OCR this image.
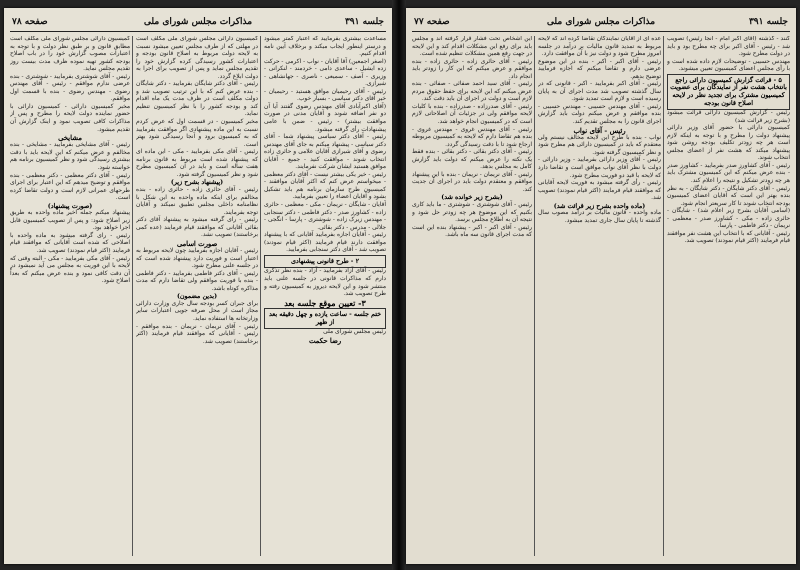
صفحه ۷۸	مذاکرات مجلس شورای ملی	جلسه ۳۹۱

مساعدت بیشتری بفرمایید که اعتبار کمتر میشود و درستر اینطور ایجاب میکند و برخلاف آیین نامه اقدام کنیم.

(اصغر اجمعین) آقا آقایان - نواب - اکرمی - حرکت زده ایشیل - ساعدی دامی - خردمند - لنکرانی - وزیری - آصف - سمیعی - ناصری - جهانشاهی - شیرازی.

رئیس - آقای رحیمیان موافق هستید - رحیمیان - خیر آقای دکتر سیاسی - بسیار خوب.

(آقای اکبرآبادی آقای مهندس رضوی گفتند آیا آن دو نفر اضافه شوند و آقایان مدنی در صورت موافقت بیشتر) - رئیس - ضمن با عامی پیشنهادات رأی گرفته میشود.

رئیس - آقای دکتر سیاسی پیشنهاد شما - آقای دکتر سیاسی - پیشنهاد میکنم به جای آقای مهندس رضوی و آقای شیرازی آقایان علامی و حائری زاده انتخاب شوند - موافقت کنید - جمیع - آقایان موافق هستید ایشان شرکت نفرمایند.

رئیس - خیر یکی بیشتر نیست - آقای دکتر معظمی - میخواستم عرض کنم که اکثر آقایان موافقند - کمیسیون طرح سازمان برنامه هم باید تشکیل بشود و آقایان اعضاء را تعیین بفرمایید.

آقایان - شایگان - نریمان - مکی - معظمی - حائری زاده - کشاورز صدر - دکتر فاطمی - دکتر سنجابی - مهندس زیرک زاده - شوشتری - پارسا - انگجی - جلالی - مدرس - دکتر بقائی.

رئیس - آقایان اجازه بفرمایید آقایانی که با پیشنهاد موافقت دارند قیام فرمایند (اکثر قیام نمودند) تصویب شد - آقای دکتر سنجابی بفرمایید.

۲ - طرح قانونی پیشنهادی

رئیس - آقای آزاد بفرمایید - آزاد - بنده نظر تذکری دارم که مذاکرات قانونی در جلسه علنی باید منتشر شود و این لایحه دیروز به کمیسیون رفته و طرح تصویب شد.

۳- تعیین موقع جلسه بعد

ختم جلسه - ساعت یازده و چهل دقیقه بعد از ظهر

رئیس مجلس شورای ملی

رضا حکمت

کمیسیون دارائی مجلس شورای ملی مکلف است در مهلتی که از طرف مجلس تعیین میشود نسبت به لایحه دولت مربوط به اصلاح قانون بودجه و اعتبارات کشور رسیدگی کرده گزارش خود را تقدیم مجلس نماید و پس از تصویب برای اجرا به دولت ابلاغ گردد.

رئیس - آقای دکتر شایگان بفرمایید - دکتر شایگان - بنده عرض کنم که با این ترتیب تصویب شد و دولت مکلف است در ظرف مدت یک ماه اقدام کند و بودجه کشور را با نظر کمیسیون تنظیم نماید.

مخبر کمیسیون - در قسمت اول که عرض کردم نسبت به این ماده پیشنهادی اگر موافقت بفرمایید که به کمیسیون برود و آنجا رسیدگی شود بهتر است.

رئیس - آقای مکی بفرمایید - مکی - این ماده ای که پیشنهاد شده است مربوط به قانون برنامه هفت ساله است و باید در آن کمیسیون مطرح شود و نظر کمیسیون گرفته شود.

(پیشنهاد بشرح زیر)

رئیس - آقای حائری زاده - حائری زاده - بنده مخالفم برای اینکه ماده واحده به این شکل با نظامنامه داخلی مجلس تطبیق نمیکند و آقایان توجه بفرمایند.

رئیس - رای گرفته میشود به پیشنهاد آقای دکتر بقائی آقایانی که موافقند قیام فرمایند (عده کمی برخاستند) تصویب نشد.

صورت اسامی

رئیس - آقایان اجازه بفرمایید چون لایحه مربوط به اعتبار است و فوریت دارد پیشنهاد شده است که در جلسه علنی مطرح شود.

رئیس - آقای دکتر فاطمی بفرمایید - دکتر فاطمی - بنده با فوریت موافقم ولی تقاضا دارم که مدت مذاکره کوتاه باشد.

(بدین مضمون)

برای جبران کسر بودجه سال جاری وزارت دارائی مجاز است از محل صرفه جویی اعتبارات سایر وزارتخانه ها استفاده نماید.

رئیس - آقای نریمان - نریمان - بنده موافقم - رئیس - آقایانی که موافقند قیام فرمایند (اکثر برخاستند) تصویب شد.

کمیسیون دارائی مجلس شورای ملی مکلف است مطابق قانون و بر طبق نظر دولت و با توجه به اعتبارات مصوب گزارش خود را در باب اصلاح بودجه کشور تهیه نموده ظرف مدت بیست روز تقدیم مجلس نماید.

رئیس - آقای شوشتری بفرمایید - شوشتری - بنده عرضی ندارم موافقم - رئیس - آقای مهندس رضوی - مهندس رضوی - بنده با قسمت اول موافقم.

مخبر کمیسیون دارائی - کمیسیون دارائی با حضور نماینده دولت لایحه را مطرح و پس از مذاکرات کافی تصویب نمود و اینک گزارش آن تقدیم میشود.

مشایخی

رئیس - آقای مشایخی بفرمایید - مشایخی - بنده مخالفم و عرض میکنم که این لایحه باید با دقت بیشتری رسیدگی شود و نظر کمیسیون برنامه هم خواسته شود.

رئیس - آقای دکتر معظمی - دکتر معظمی - بنده موافقم و توضیح میدهم که این اعتبار برای اجرای طرحهای عمرانی لازم است و دولت تقاضا کرده است.

(صورت پیشنهاد)

پیشنهاد میکنم جمله اخیر ماده واحده به طریق زیر اصلاح شود: و پس از تصویب کمیسیون قابل اجرا خواهد بود.

رئیس - رای گرفته میشود به ماده واحده با اصلاحی که شده است آقایانی که موافقند قیام فرمایند (اکثر قیام نمودند) تصویب شد.

رئیس - آقای مکی بفرمایید - مکی - البته وقتی که لایحه با این فوریت به مجلس می آید نمیشود در آن دقت کافی نمود و بنده عرض میکنم که بعداً اصلاح شود.

صفحه ۷۷	مذاکرات مجلس شورای ملی	جلسه ۳۹۱

کنند - گذشته (آقای اکبر امام - آنجا رئیس) تصویب شد - رئیس - آقای اکبر برای چه مطرح بود و باید در دولت مطرح شود.

مهندس حسیبی - توضیحات لازم داده شده است و با رأی مجلس اعضای کمیسیون تعیین میشوند.

۵ - قرائت گزارش کمیسیون دارائی راجع بانتخاب هشت نفر از نمایندگان برای عضویت کمیسیون مشترک برای تجدید نظر در لایحه اصلاح قانون بودجه

رئیس - گزارش کمیسیون دارائی قرائت میشود (بشرح زیر قرائت شد)

کمیسیون دارائی با حضور آقای وزیر دارائی پیشنهاد دولت را مطرح و با توجه به اینکه لازم است هر چه زودتر تکلیف بودجه روشن شود پیشنهاد میکند که هشت نفر از اعضای مجلس انتخاب شوند.

رئیس - آقای کشاورز صدر بفرمایید - کشاورز صدر - بنده عرض میکنم که این کمیسیون مشترک باید هر چه زودتر تشکیل و نتیجه را اعلام کند.

رئیس - آقای دکتر شایگان - دکتر شایگان - به نظر بنده بهتر این است که آقایان اعضای کمیسیون بودجه انتخاب شوند تا کار سریعتر انجام شود.

(اسامی آقایان بشرح زیر اعلام شد) - شایگان - حائری زاده - مکی - کشاورز صدر - معظمی - نریمان - دکتر فاطمی - پارسا.

رئیس - آقایانی که با انتخاب این هشت نفر موافقند قیام فرمایند (اکثر قیام نمودند) تصویب شد.

عده ای از آقایان نمایندگان تقاضا کرده اند که لایحه مربوط به تمدید قانون مالیات بر درآمد در جلسه امروز مطرح شود و دولت نیز با آن موافقت دارد.

رئیس - آقای اکبر - اکبر - بنده در این موضوع عرضی دارم و تقاضا میکنم که اجازه فرمایید توضیح بدهم.

رئیس - آقای اکبر بفرمایید - اکبر - قانونی که در سال گذشته تصویب شد مدت اجرای آن به پایان رسیده است و لازم است تمدید شود.

رئیس - آقای مهندس حسیبی - مهندس حسیبی - بنده موافقم و عرض میکنم دولت باید گزارش اجرای قانون را به مجلس تقدیم کند.

رئیس - آقای نواب

نواب - بنده با طرح این لایحه مخالف نیستم ولی معتقدم که باید در کمیسیون دارائی هم مطرح شود و نظر کمیسیون گرفته شود.

رئیس - آقای وزیر دارائی بفرمایید - وزیر دارائی - دولت با نظر آقای نواب موافق است و تقاضا دارد که لایحه با قید دو فوریت مطرح شود.

رئیس - رأی گرفته میشود به فوریت لایحه آقایانی که موافقند قیام فرمایند (اکثر قیام نمودند) تصویب شد.

(ماده واحده بشرح زیر قرائت شد)

ماده واحده - قانون مالیات بر درآمد مصوب سال گذشته تا پایان سال جاری تمدید میشود.

این اشخاص تحت فشار قرار گرفته اند و مجلس باید برای رفع این مشکلات اقدام کند و این لایحه در جهت رفع همین مشکلات تنظیم شده است.

رئیس - آقای حائری زاده - حائری زاده - بنده موافقم و عرض میکنم که این کار را زودتر باید انجام داد.

رئیس - آقای سید احمد صفائی - صفائی - بنده عرض میکنم که این لایحه برای حفظ حقوق مردم لازم است و دولت در اجرای آن باید دقت کند.

رئیس - آقای صدرزاده - صدرزاده - بنده با کلیات لایحه موافقم ولی در جزئیات آن اصلاحاتی لازم است که در کمیسیون انجام خواهد شد.

رئیس - آقای مهندس غروی - مهندس غروی - بنده هم تقاضا دارم که لایحه به کمیسیون مربوطه ارجاع شود تا با دقت رسیدگی گردد.

رئیس - آقای دکتر بقائی - دکتر بقائی - بنده فقط یک نکته را عرض میکنم که دولت باید گزارش کامل به مجلس بدهد.

رئیس - آقای نریمان - نریمان - بنده با این پیشنهاد موافقم و معتقدم دولت باید در اجرای آن جدیت کند.

(بشرح زیر خوانده شد)

رئیس - آقای شوشتری - شوشتری - ما باید کاری بکنیم که این موضوع هر چه زودتر حل شود و نتیجه آن به اطلاع مجلس برسد.

رئیس - آقای اکبر - اکبر - پیشنهاد بنده این است که مدت اجرای قانون سه ماه باشد.
